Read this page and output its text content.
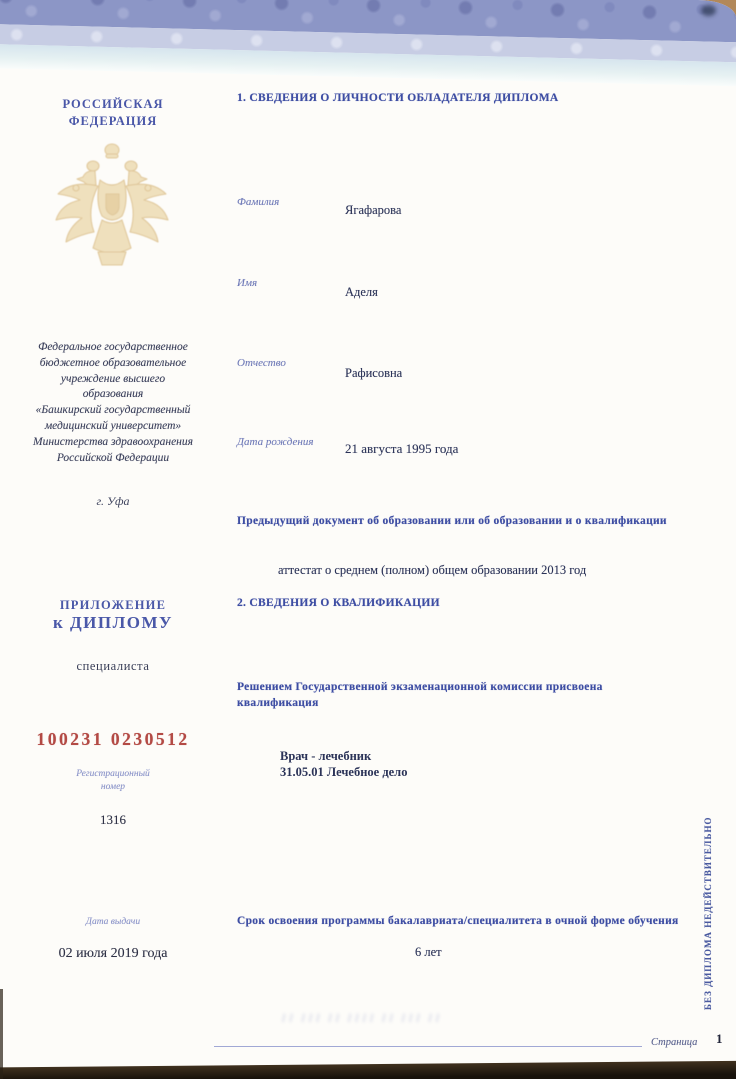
РОССИЙСКАЯ
ФЕДЕРАЦИЯ
Федеральное государственное
бюджетное образовательное
учреждение высшего
образования
«Башкирский государственный
медицинский университет»
Министерства здравоохранения
Российской Федерации
г. Уфа
ПРИЛОЖЕНИЕ
к ДИПЛОМУ
специалиста
100231 0230512
Регистрационный
номер
1316
Дата выдачи
02 июля 2019 года
1. СВЕДЕНИЯ О ЛИЧНОСТИ ОБЛАДАТЕЛЯ ДИПЛОМА
Фамилия
Ягафарова
Имя
Аделя
Отчество
Рафисовна
Дата рождения	21 августа 1995 года
Предыдущий документ об образовании или об образовании и о квалификации
аттестат о среднем (полном) общем образовании 2013 год
2. СВЕДЕНИЯ О КВАЛИФИКАЦИИ
Решением Государственной экзаменационной комиссии присвоена квалификация
Врач - лечебник
31.05.01 Лечебное дело
Срок освоения программы бакалавриата/специалитета в очной форме обучения
6 лет	БЕЗ ДИПЛОМА НЕДЕЙСТВИТЕЛЬНО
⌇⌇ ⌇⌇⌇ ⌇⌇ ⌇⌇⌇⌇ ⌇⌇ ⌇⌇⌇ ⌇⌇
Страница 1
